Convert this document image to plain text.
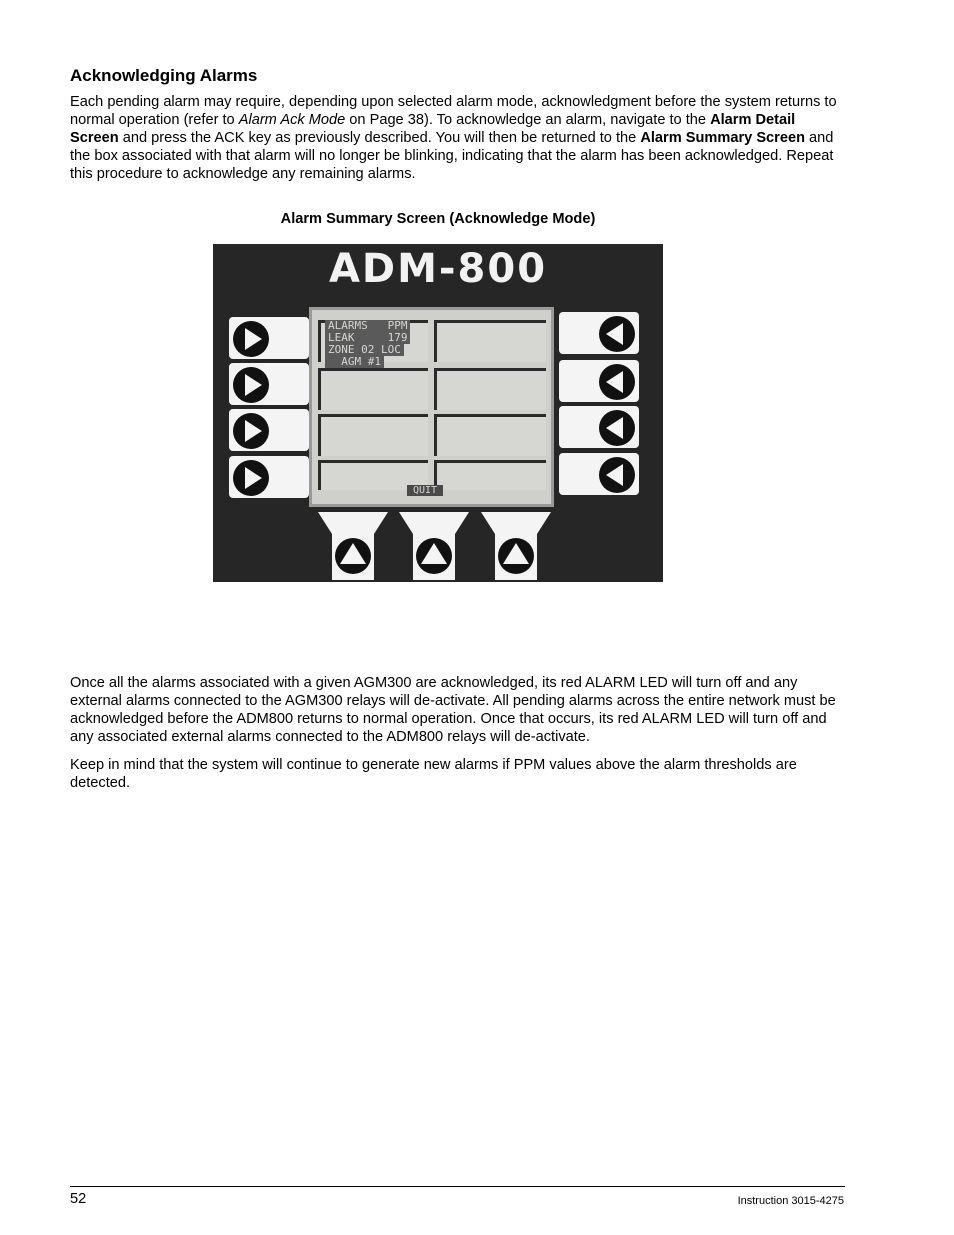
Acknowledging Alarms

Each pending alarm may require, depending upon selected alarm mode, acknowledgment before the system returns to normal operation (refer to Alarm Ack Mode on Page 38). To acknowledge an alarm, navigate to the Alarm Detail Screen and press the ACK key as previously described. You will then be returned to the Alarm Summary Screen and the box associated with that alarm will no longer be blinking, indicating that the alarm has been acknowledged. Repeat this procedure to acknowledge any remaining alarms.

Alarm Summary Screen (Acknowledge Mode)
ADM-800
ALARMS   PPM
LEAK     179
ZONE 02 LOC
AGM #1
QUIT

Once all the alarms associated with a given AGM300 are acknowledged, its red ALARM LED will turn off and any external alarms connected to the AGM300 relays will de-activate. All pending alarms across the entire network must be acknowledged before the ADM800 returns to normal operation. Once that occurs, its red ALARM LED will turn off and any associated external alarms connected to the ADM800 relays will de-activate.

Keep in mind that the system will continue to generate new alarms if PPM values above the alarm thresholds are detected.

52	Instruction 3015-4275
